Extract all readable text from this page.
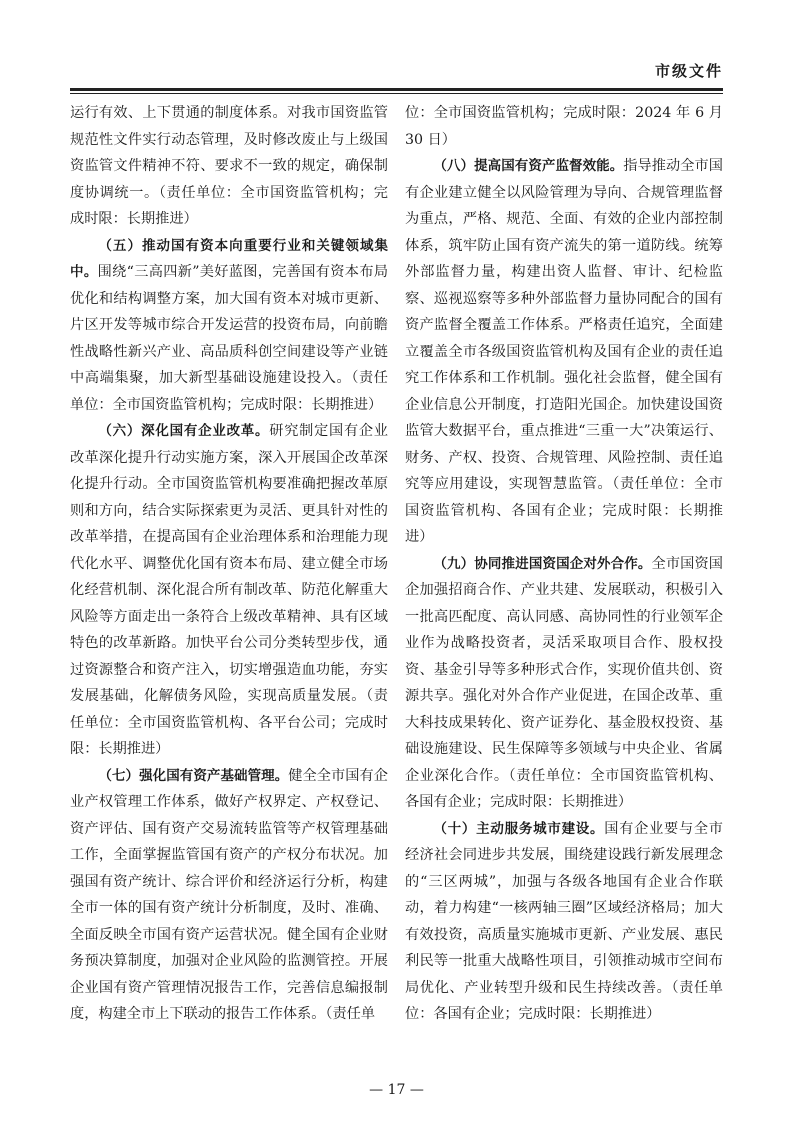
市级文件

运行有效、上下贯通的制度体系。对我市国资监管规范性文件实行动态管理，及时修改废止与上级国资监管文件精神不符、要求不一致的规定，确保制度协调统一。（责任单位：全市国资监管机构；完成时限：长期推进）

（五）推动国有资本向重要行业和关键领域集中。围绕“三高四新”美好蓝图，完善国有资本布局优化和结构调整方案，加大国有资本对城市更新、片区开发等城市综合开发运营的投资布局，向前瞻性战略性新兴产业、高品质科创空间建设等产业链中高端集聚，加大新型基础设施建设投入。（责任单位：全市国资监管机构；完成时限：长期推进）

（六）深化国有企业改革。研究制定国有企业改革深化提升行动实施方案，深入开展国企改革深化提升行动。全市国资监管机构要准确把握改革原则和方向，结合实际探索更为灵活、更具针对性的改革举措，在提高国有企业治理体系和治理能力现代化水平、调整优化国有资本布局、建立健全市场化经营机制、深化混合所有制改革、防范化解重大风险等方面走出一条符合上级改革精神、具有区域特色的改革新路。加快平台公司分类转型步伐，通过资源整合和资产注入，切实增强造血功能，夯实发展基础，化解债务风险，实现高质量发展。（责任单位：全市国资监管机构、各平台公司；完成时限：长期推进）

（七）强化国有资产基础管理。健全全市国有企业产权管理工作体系，做好产权界定、产权登记、资产评估、国有资产交易流转监管等产权管理基础工作，全面掌握监管国有资产的产权分布状况。加强国有资产统计、综合评价和经济运行分析，构建全市一体的国有资产统计分析制度，及时、准确、全面反映全市国有资产运营状况。健全国有企业财务预决算制度，加强对企业风险的监测管控。开展企业国有资产管理情况报告工作，完善信息编报制度，构建全市上下联动的报告工作体系。（责任单

位：全市国资监管机构；完成时限：2024 年 6 月 30 日）

（八）提高国有资产监督效能。指导推动全市国有企业建立健全以风险管理为导向、合规管理监督为重点，严格、规范、全面、有效的企业内部控制体系，筑牢防止国有资产流失的第一道防线。统筹外部监督力量，构建出资人监督、审计、纪检监察、巡视巡察等多种外部监督力量协同配合的国有资产监督全覆盖工作体系。严格责任追究，全面建立覆盖全市各级国资监管机构及国有企业的责任追究工作体系和工作机制。强化社会监督，健全国有企业信息公开制度，打造阳光国企。加快建设国资监管大数据平台，重点推进“三重一大”决策运行、财务、产权、投资、合规管理、风险控制、责任追究等应用建设，实现智慧监管。（责任单位：全市国资监管机构、各国有企业；完成时限：长期推进）

（九）协同推进国资国企对外合作。全市国资国企加强招商合作、产业共建、发展联动，积极引入一批高匹配度、高认同感、高协同性的行业领军企业作为战略投资者，灵活采取项目合作、股权投资、基金引导等多种形式合作，实现价值共创、资源共享。强化对外合作产业促进，在国企改革、重大科技成果转化、资产证券化、基金股权投资、基础设施建设、民生保障等多领域与中央企业、省属企业深化合作。（责任单位：全市国资监管机构、各国有企业；完成时限：长期推进）

（十）主动服务城市建设。国有企业要与全市经济社会同进步共发展，围绕建设践行新发展理念的“三区两城”，加强与各级各地国有企业合作联动，着力构建“一核两轴三圈”区域经济格局；加大有效投资，高质量实施城市更新、产业发展、惠民利民等一批重大战略性项目，引领推动城市空间布局优化、产业转型升级和民生持续改善。（责任单位：各国有企业；完成时限：长期推进）

— 17 —
